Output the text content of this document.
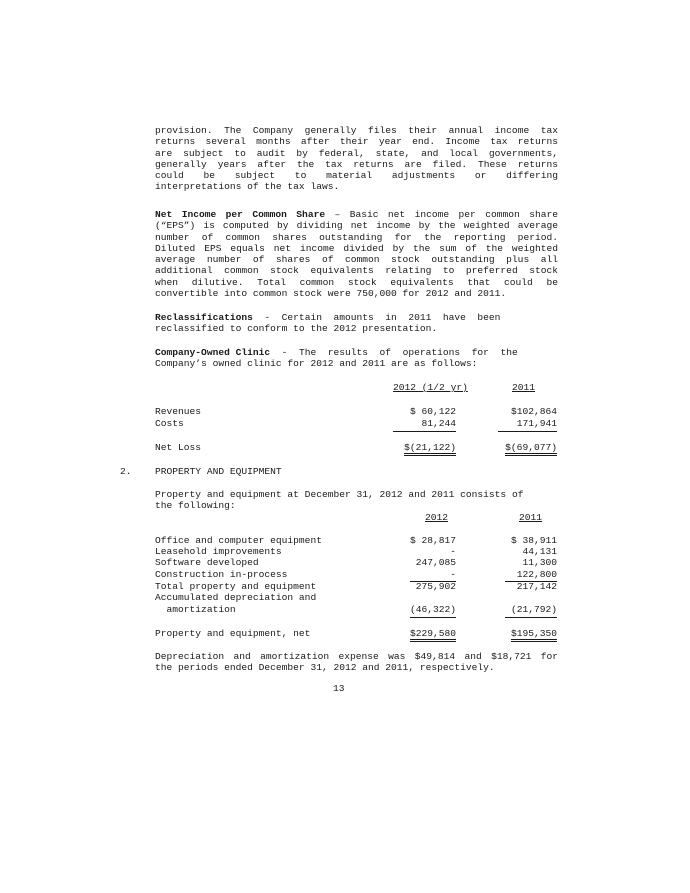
provision. The Company generally files their annual income tax
returns several months after their year end. Income tax returns
are subject to audit by federal, state, and local governments,
generally years after the tax returns are filed. These returns
could be subject to material adjustments or differing
interpretations of the tax laws.
Net Income per Common Share – Basic net income per common share
(“EPS”) is computed by dividing net income by the weighted average
number of common shares outstanding for the reporting period.
Diluted EPS equals net income divided by the sum of the weighted
average number of shares of common stock outstanding plus all
additional common stock equivalents relating to preferred stock
when dilutive. Total common stock equivalents that could be
convertible into common stock were 750,000 for 2012 and 2011.
Reclassifications  -  Certain  amounts  in  2011  have  been
reclassified to conform to the 2012 presentation.
Company-Owned Clinic  -  The  results  of  operations  for  the
Company’s owned clinic for 2012 and 2011 are as follows:
2012 (1/2 yr)	2011
Revenues	$ 60,122	$102,864
Costs	81,244	171,941
Net Loss	$(21,122)	$(69,077)
2. PROPERTY AND EQUIPMENT
Property and equipment at December 31, 2012 and 2011 consists of
the following:
2012	2011
Office and computer equipment	$ 28,817	$ 38,911
Leasehold improvements	-	44,131
Software developed	247,085	11,300
Construction in-process	-	122,800
Total property and equipment	275,902	217,142
Accumulated depreciation and
amortization	(46,322)	(21,792)
Property and equipment, net	$229,580	$195,350
Depreciation and amortization expense was $49,814 and $18,721 for
the periods ended December 31, 2012 and 2011, respectively.
13
